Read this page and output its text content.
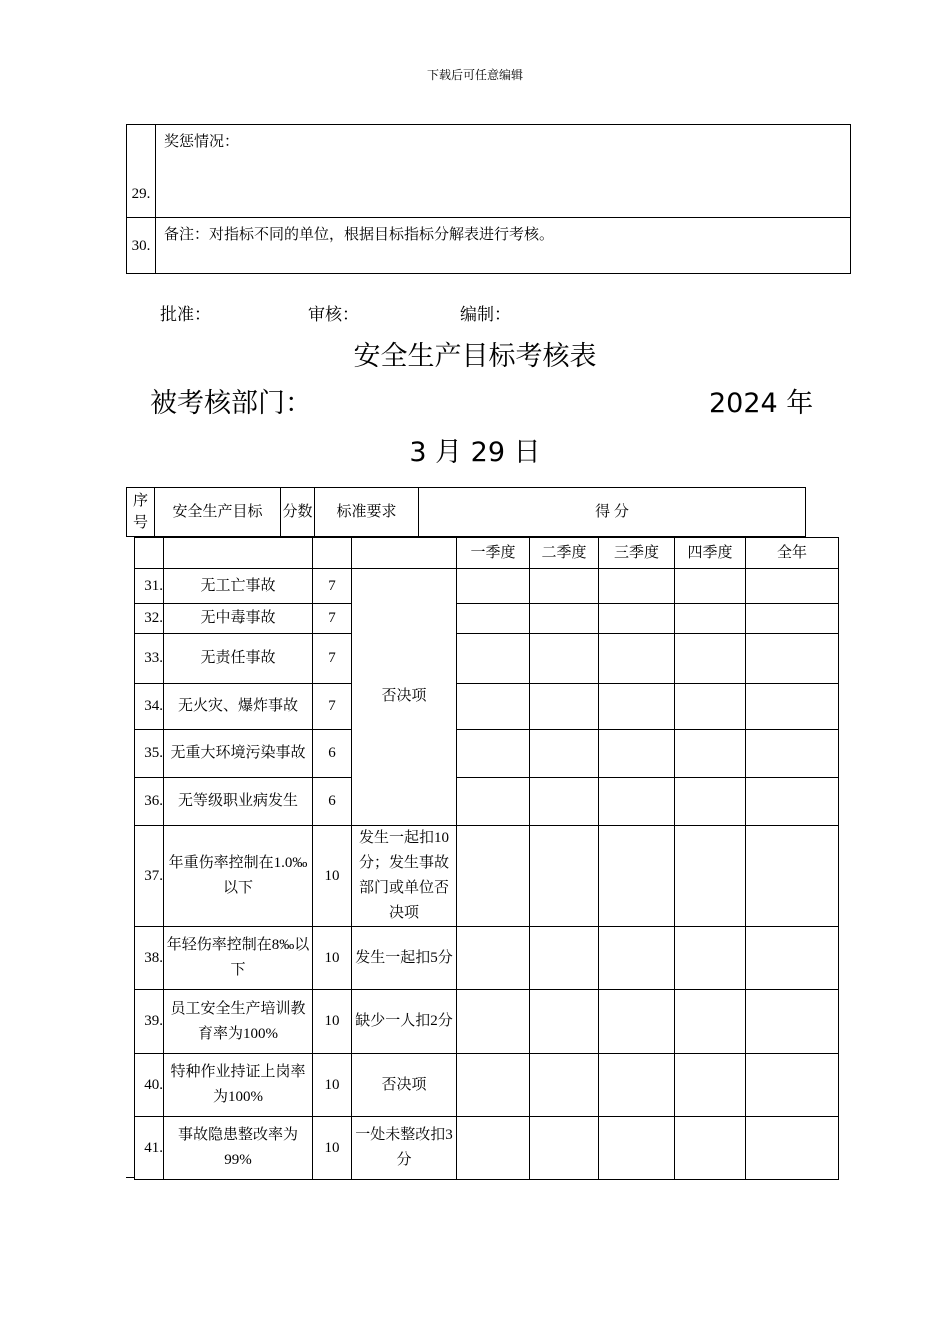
下载后可任意编辑
29.	奖惩情况：
30.	备注：对指标不同的单位，根据目标指标分解表进行考核。
批准：	审核：	编制：
安全生产目标考核表
被考核部门：	2024 年
3 月 29 日
序号	安全生产目标	分数	标准要求	得 分
				一季度	二季度	三季度	四季度	全年
31.	无工亡事故	7	否决项					
32.	无中毒事故	7						
33.	无责任事故	7						
34.	无火灾、爆炸事故	7						
35.	无重大环境污染事故	6						
36.	无等级职业病发生	6						
37.	年重伤率控制在1.0‰以下	10	发生一起扣10分；发生事故部门或单位否决项					
38.	年轻伤率控制在8‰以下	10	发生一起扣5分					
39.	员工安全生产培训教育率为100%	10	缺少一人扣2分					
40.	特种作业持证上岗率为100%	10	否决项					
41.	事故隐患整改率为99%	10	一处未整改扣3分					
